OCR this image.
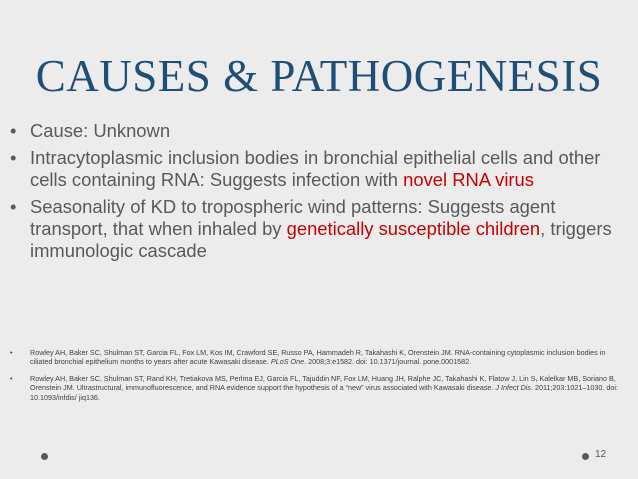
CAUSES & PATHOGENESIS
• Cause: Unknown
• Intracytoplasmic inclusion bodies in bronchial epithelial cells and other cells containing RNA: Suggests infection with novel RNA virus
• Seasonality of KD to tropospheric wind patterns: Suggests agent transport, that when inhaled by genetically susceptible children, triggers immunologic cascade
• Rowley AH, Baker SC, Shulman ST, Garcia FL, Fox LM, Kos IM, Crawford SE, Russo PA, Hammadeh R, Takahashi K, Orenstein JM. RNA-containing cytoplasmic inclusion bodies in ciliated bronchial epithelium months to years after acute Kawasaki disease. PLoS One. 2008;3:e1582. doi: 10.1371/journal. pone.0001582.
• Rowley AH, Baker SC, Shulman ST, Rand KH, Tretiakova MS, Perlma EJ, Garcia FL, Tajuddin NF, Fox LM, Huang JH, Ralphe JC, Takahashi K, Flatow J, Lin S, Kalelkar MB, Soriano B, Orenstein JM. Ultrastructural, immunofluorescence, and RNA evidence support the hypothesis of a “new” virus associated with Kawasaki disease. J Infect Dis. 2011;203:1021–1030. doi: 10.1093/infdis/ jiq136.
12
